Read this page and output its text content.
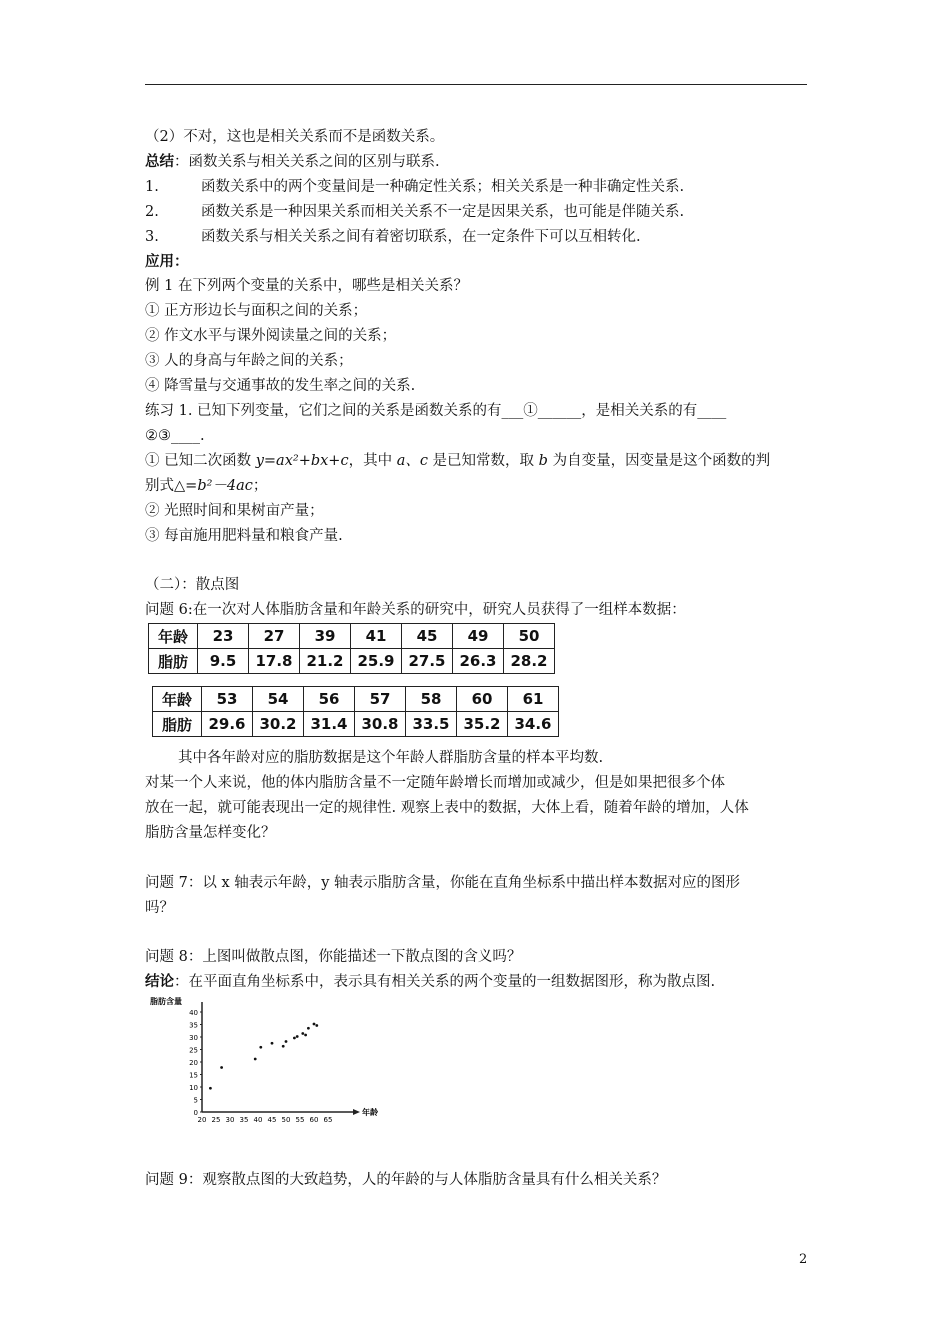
（2）不对，这也是相关关系而不是函数关系。
总结：函数关系与相关关系之间的区别与联系.
1.	函数关系中的两个变量间是一种确定性关系；相关关系是一种非确定性关系.
2.	函数关系是一种因果关系而相关关系不一定是因果关系，也可能是伴随关系.
3.	函数关系与相关关系之间有着密切联系，在一定条件下可以互相转化.
应用：
例 1 在下列两个变量的关系中，哪些是相关关系？
① 正方形边长与面积之间的关系；
② 作文水平与课外阅读量之间的关系；
③ 人的身高与年龄之间的关系；
④ 降雪量与交通事故的发生率之间的关系.
练习 1. 已知下列变量，它们之间的关系是函数关系的有___①______，是相关关系的有____
②③____.
① 已知二次函数 y=ax²+bx+c，其中 a、c 是已知常数，取 b 为自变量，因变量是这个函数的判
别式△=b²－4ac；
② 光照时间和果树亩产量；
③ 每亩施用肥料量和粮食产量.
（二）：散点图
问题 6:在一次对人体脂肪含量和年龄关系的研究中，研究人员获得了一组样本数据：
年龄	23	27	39	41	45	49	50
脂肪	9.5	17.8	21.2	25.9	27.5	26.3	28.2
年龄	53	54	56	57	58	60	61
脂肪	29.6	30.2	31.4	30.8	33.5	35.2	34.6
其中各年龄对应的脂肪数据是这个年龄人群脂肪含量的样本平均数.
对某一个人来说，他的体内脂肪含量不一定随年龄增长而增加或减少，但是如果把很多个体
放在一起，就可能表现出一定的规律性. 观察上表中的数据，大体上看，随着年龄的增加，人体
脂肪含量怎样变化？
问题 7：以 x 轴表示年龄，y 轴表示脂肪含量，你能在直角坐标系中描出样本数据对应的图形
吗？
问题 8：上图叫做散点图，你能描述一下散点图的含义吗？
结论：在平面直角坐标系中，表示具有相关关系的两个变量的一组数据图形，称为散点图.
脂肪含量
年龄
0
5
10
15
20
25
30
35
40
20 25 30 35 40 45 50 55 60 65
问题 9：观察散点图的大致趋势，人的年龄的与人体脂肪含量具有什么相关关系？
2
